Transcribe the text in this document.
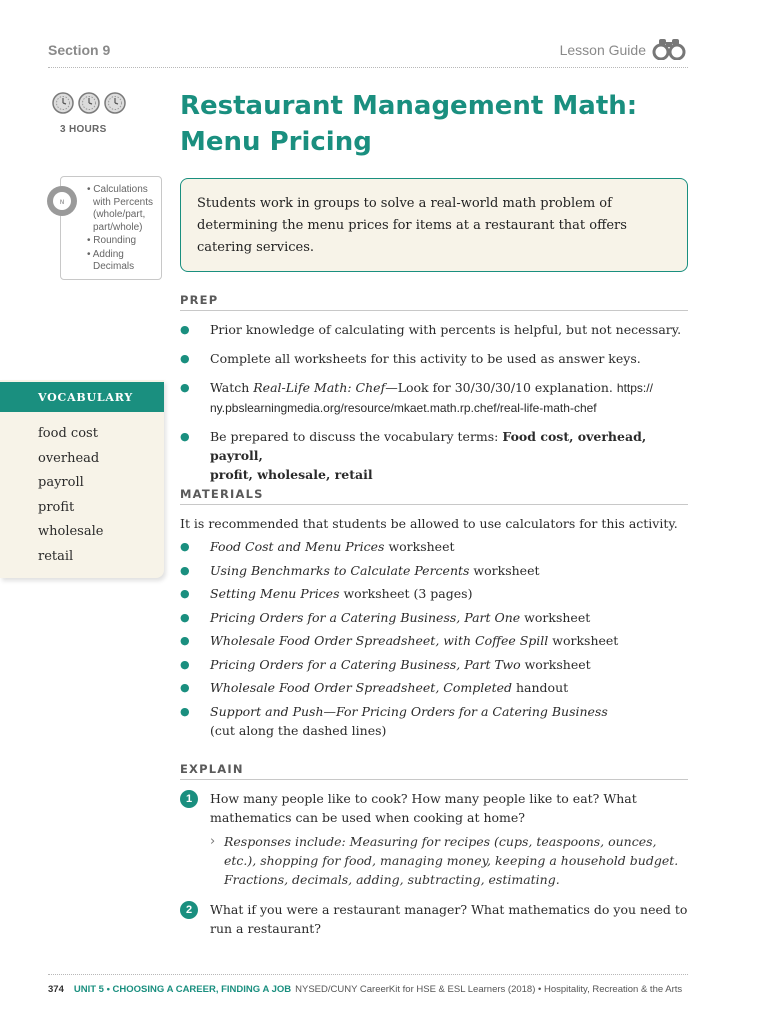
Section 9	Lesson Guide
3 HOURS
Restaurant Management Math:
Menu Pricing
N
• Calculations with Percents (whole/part, part/whole)
• Rounding
• Adding Decimals
Students work in groups to solve a real-world math problem of determining the menu prices for items at a restaurant that offers catering services.
PREP
● Prior knowledge of calculating with percents is helpful, but not necessary.
● Complete all worksheets for this activity to be used as answer keys.
● Watch Real-Life Math: Chef—Look for 30/30/30/10 explanation. https://
ny.pbslearningmedia.org/resource/mkaet.math.rp.chef/real-life-math-chef
● Be prepared to discuss the vocabulary terms: Food cost, overhead, payroll,
profit, wholesale, retail
VOCABULARY
food cost
overhead
payroll
profit
wholesale
retail
MATERIALS
It is recommended that students be allowed to use calculators for this activity.
● Food Cost and Menu Prices worksheet
● Using Benchmarks to Calculate Percents worksheet
● Setting Menu Prices worksheet (3 pages)
● Pricing Orders for a Catering Business, Part One worksheet
● Wholesale Food Order Spreadsheet, with Coffee Spill worksheet
● Pricing Orders for a Catering Business, Part Two worksheet
● Wholesale Food Order Spreadsheet, Completed handout
● Support and Push—For Pricing Orders for a Catering Business
(cut along the dashed lines)
EXPLAIN
1	How many people like to cook? How many people like to eat? What
mathematics can be used when cooking at home?
› Responses include: Measuring for recipes (cups, teaspoons, ounces,
etc.), shopping for food, managing money, keeping a household budget.
Fractions, decimals, adding, subtracting, estimating.
2	What if you were a restaurant manager? What mathematics do you need to
run a restaurant?
374 UNIT 5 • CHOOSING A CAREER, FINDING A JOB NYSED/CUNY CareerKit for HSE & ESL Learners (2018) • Hospitality, Recreation & the Arts
